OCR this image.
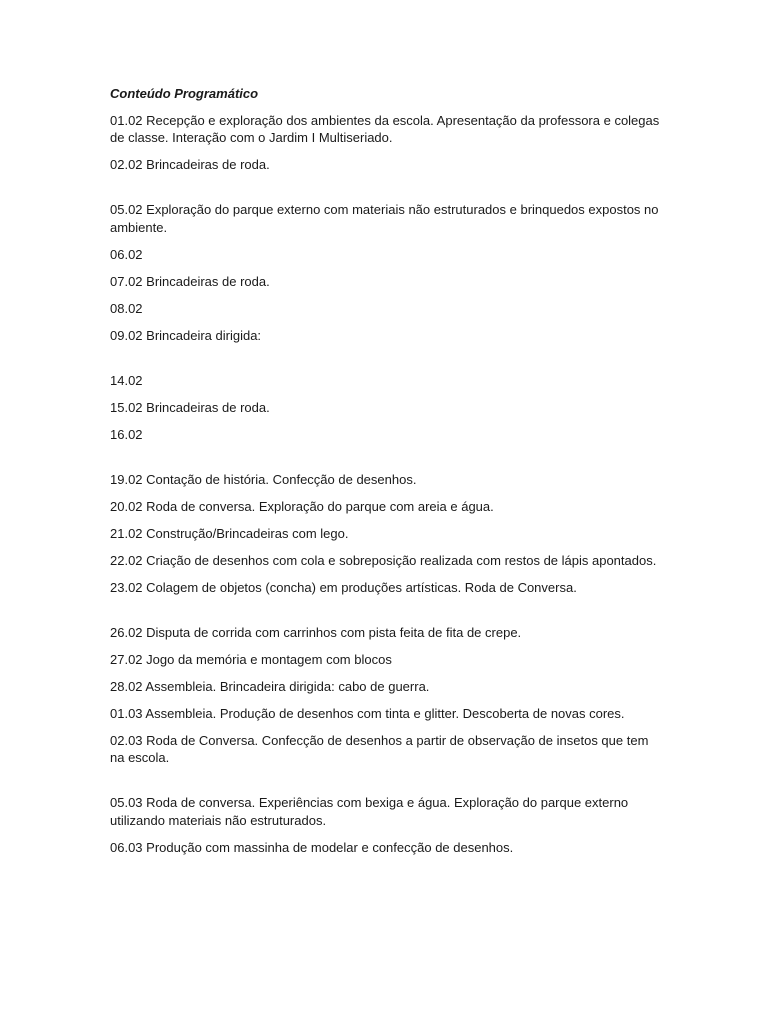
Conteúdo Programático

01.02 Recepção e exploração dos ambientes da escola. Apresentação da professora e colegas de classe. Interação com o Jardim I Multiseriado.

02.02 Brincadeiras de roda.

05.02 Exploração do parque externo com materiais não estruturados e brinquedos expostos no ambiente.

06.02

07.02 Brincadeiras de roda.

08.02

09.02 Brincadeira dirigida:

14.02

15.02 Brincadeiras de roda.

16.02

19.02 Contação de história. Confecção de desenhos.

20.02 Roda de conversa. Exploração do parque com areia e água.

21.02 Construção/Brincadeiras com lego.

22.02 Criação de desenhos com cola e sobreposição realizada com restos de lápis apontados.

23.02 Colagem de objetos (concha) em produções artísticas. Roda de Conversa.

26.02 Disputa de corrida com carrinhos com pista feita de fita de crepe.

27.02 Jogo da memória e montagem com blocos

28.02 Assembleia. Brincadeira dirigida: cabo de guerra.

01.03 Assembleia. Produção de desenhos com tinta e glitter. Descoberta de novas cores.

02.03 Roda de Conversa. Confecção de desenhos a partir de observação de insetos que tem na escola.

05.03 Roda de conversa. Experiências com bexiga e água. Exploração do parque externo utilizando materiais não estruturados.

06.03 Produção com massinha de modelar e confecção de desenhos.
